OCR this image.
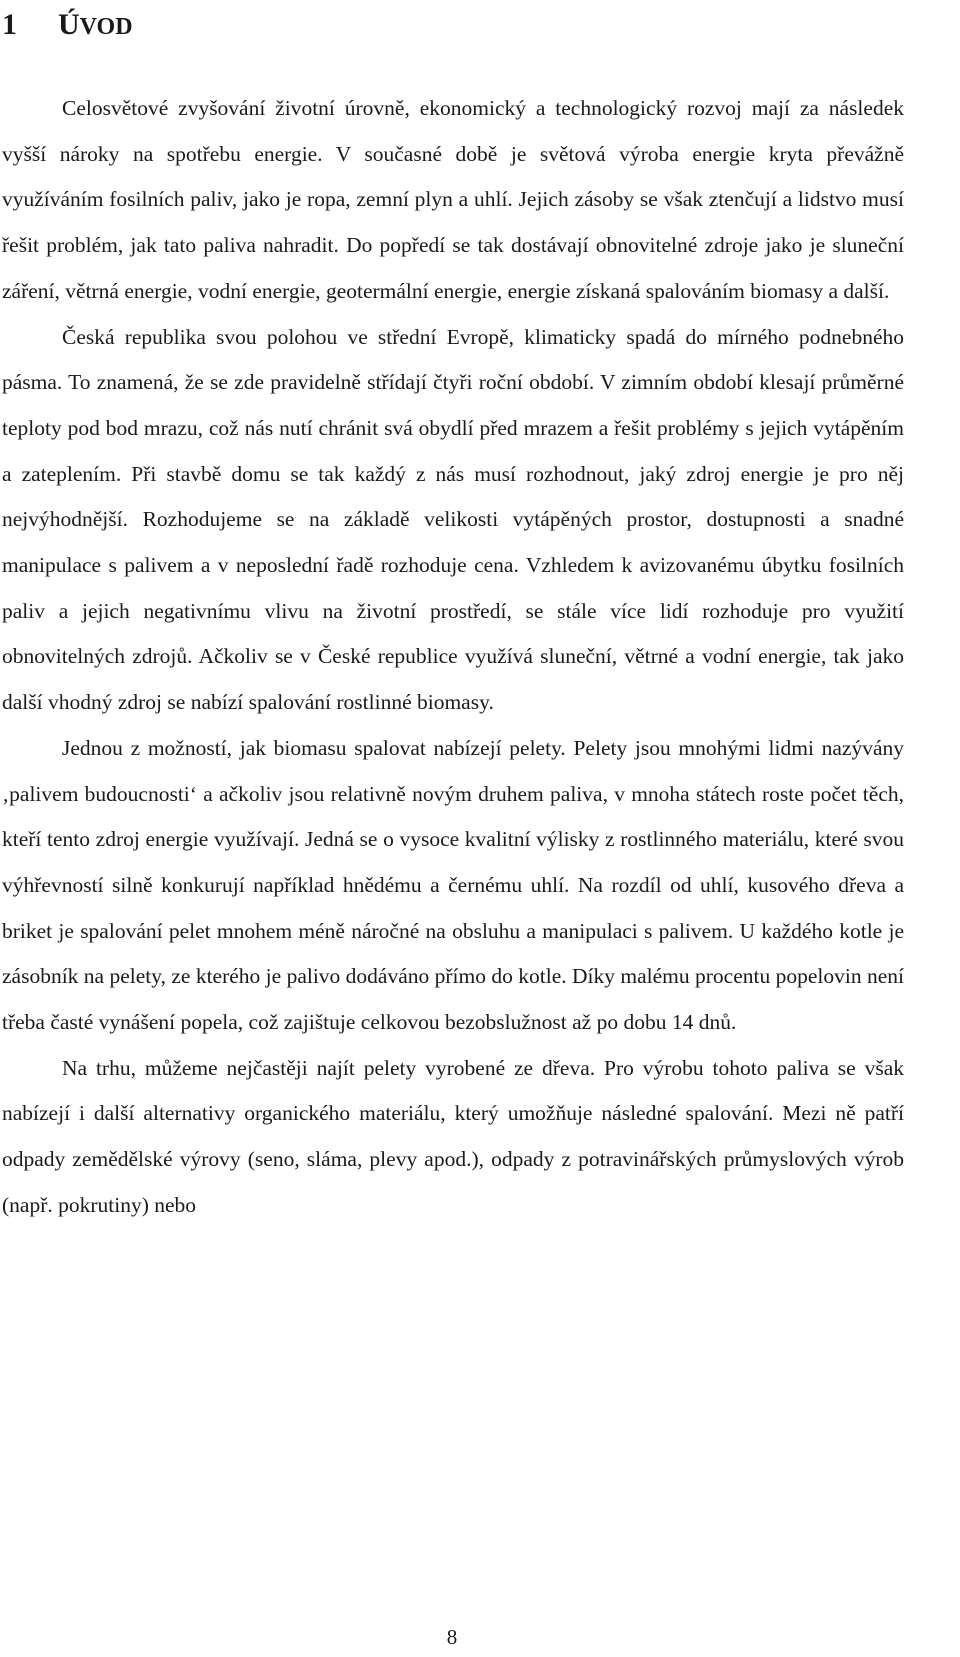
1 ÚVOD

Celosvětové zvyšování životní úrovně, ekonomický a technologický rozvoj mají za následek vyšší nároky na spotřebu energie. V současné době je světová výroba energie kryta převážně využíváním fosilních paliv, jako je ropa, zemní plyn a uhlí. Jejich zásoby se však ztenčují a lidstvo musí řešit problém, jak tato paliva nahradit. Do popředí se tak dostávají obnovitelné zdroje jako je sluneční záření, větrná energie, vodní energie, geotermální energie, energie získaná spalováním biomasy a další.

Česká republika svou polohou ve střední Evropě, klimaticky spadá do mírného podnebného pásma. To znamená, že se zde pravidelně střídají čtyři roční období. V zimním období klesají průměrné teploty pod bod mrazu, což nás nutí chránit svá obydlí před mrazem a řešit problémy s jejich vytápěním a zateplením. Při stavbě domu se tak každý z nás musí rozhodnout, jaký zdroj energie je pro něj nejvýhodnější. Rozhodujeme se na základě velikosti vytápěných prostor, dostupnosti a snadné manipulace s palivem a v neposlední řadě rozhoduje cena. Vzhledem k avizovanému úbytku fosilních paliv a jejich negativnímu vlivu na životní prostředí, se stále více lidí rozhoduje pro využití obnovitelných zdrojů. Ačkoliv se v České republice využívá sluneční, větrné a vodní energie, tak jako další vhodný zdroj se nabízí spalování rostlinné biomasy.

Jednou z možností, jak biomasu spalovat nabízejí pelety. Pelety jsou mnohými lidmi nazývány ‚palivem budoucnosti‘ a ačkoliv jsou relativně novým druhem paliva, v mnoha státech roste počet těch, kteří tento zdroj energie využívají. Jedná se o vysoce kvalitní výlisky z rostlinného materiálu, které svou výhřevností silně konkurují například hnědému a černému uhlí. Na rozdíl od uhlí, kusového dřeva a briket je spalování pelet mnohem méně náročné na obsluhu a manipulaci s palivem. U každého kotle je zásobník na pelety, ze kterého je palivo dodáváno přímo do kotle. Díky malému procentu popelovin není třeba časté vynášení popela, což zajištuje celkovou bezobslužnost až po dobu 14 dnů.

Na trhu, můžeme nejčastěji najít pelety vyrobené ze dřeva. Pro výrobu tohoto paliva se však nabízejí i další alternativy organického materiálu, který umožňuje následné spalování. Mezi ně patří odpady zemědělské výrovy (seno, sláma, plevy apod.), odpady z potravinářských průmyslových výrob (např. pokrutiny) nebo

8
